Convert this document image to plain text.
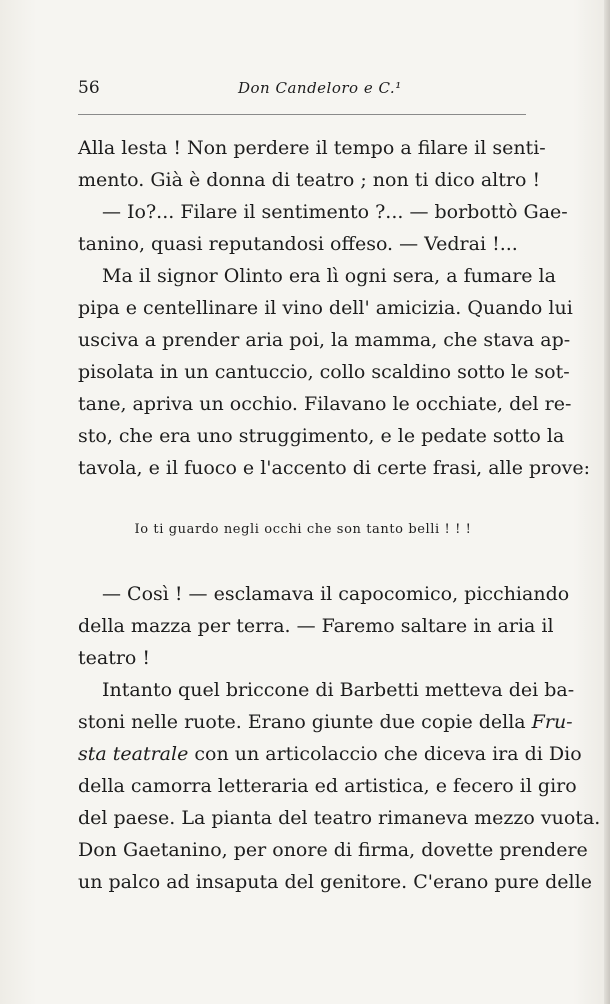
56	Don Candeloro e C.¹
Alla lesta ! Non perdere il tempo a filare il senti-
mento. Già è donna di teatro ; non ti dico altro !
— Io?... Filare il sentimento ?... — borbottò Gae-
tanino, quasi reputandosi offeso. — Vedrai !...
Ma il signor Olinto era lì ogni sera, a fumare la
pipa e centellinare il vino dell' amicizia. Quando lui
usciva a prender aria poi, la mamma, che stava ap-
pisolata in un cantuccio, collo scaldino sotto le sot-
tane, apriva un occhio. Filavano le occhiate, del re-
sto, che era uno struggimento, e le pedate sotto la
tavola, e il fuoco e l'accento di certe frasi, alle prove:
Io ti guardo negli occhi che son tanto belli ! ! !
— Così ! — esclamava il capocomico, picchiando
della mazza per terra. — Faremo saltare in aria il
teatro !
Intanto quel briccone di Barbetti metteva dei ba-
stoni nelle ruote. Erano giunte due copie della Fru-
sta teatrale con un articolaccio che diceva ira di Dio
della camorra letteraria ed artistica, e fecero il giro
del paese. La pianta del teatro rimaneva mezzo vuota.
Don Gaetanino, per onore di firma, dovette prendere
un palco ad insaputa del genitore. C'erano pure delle
